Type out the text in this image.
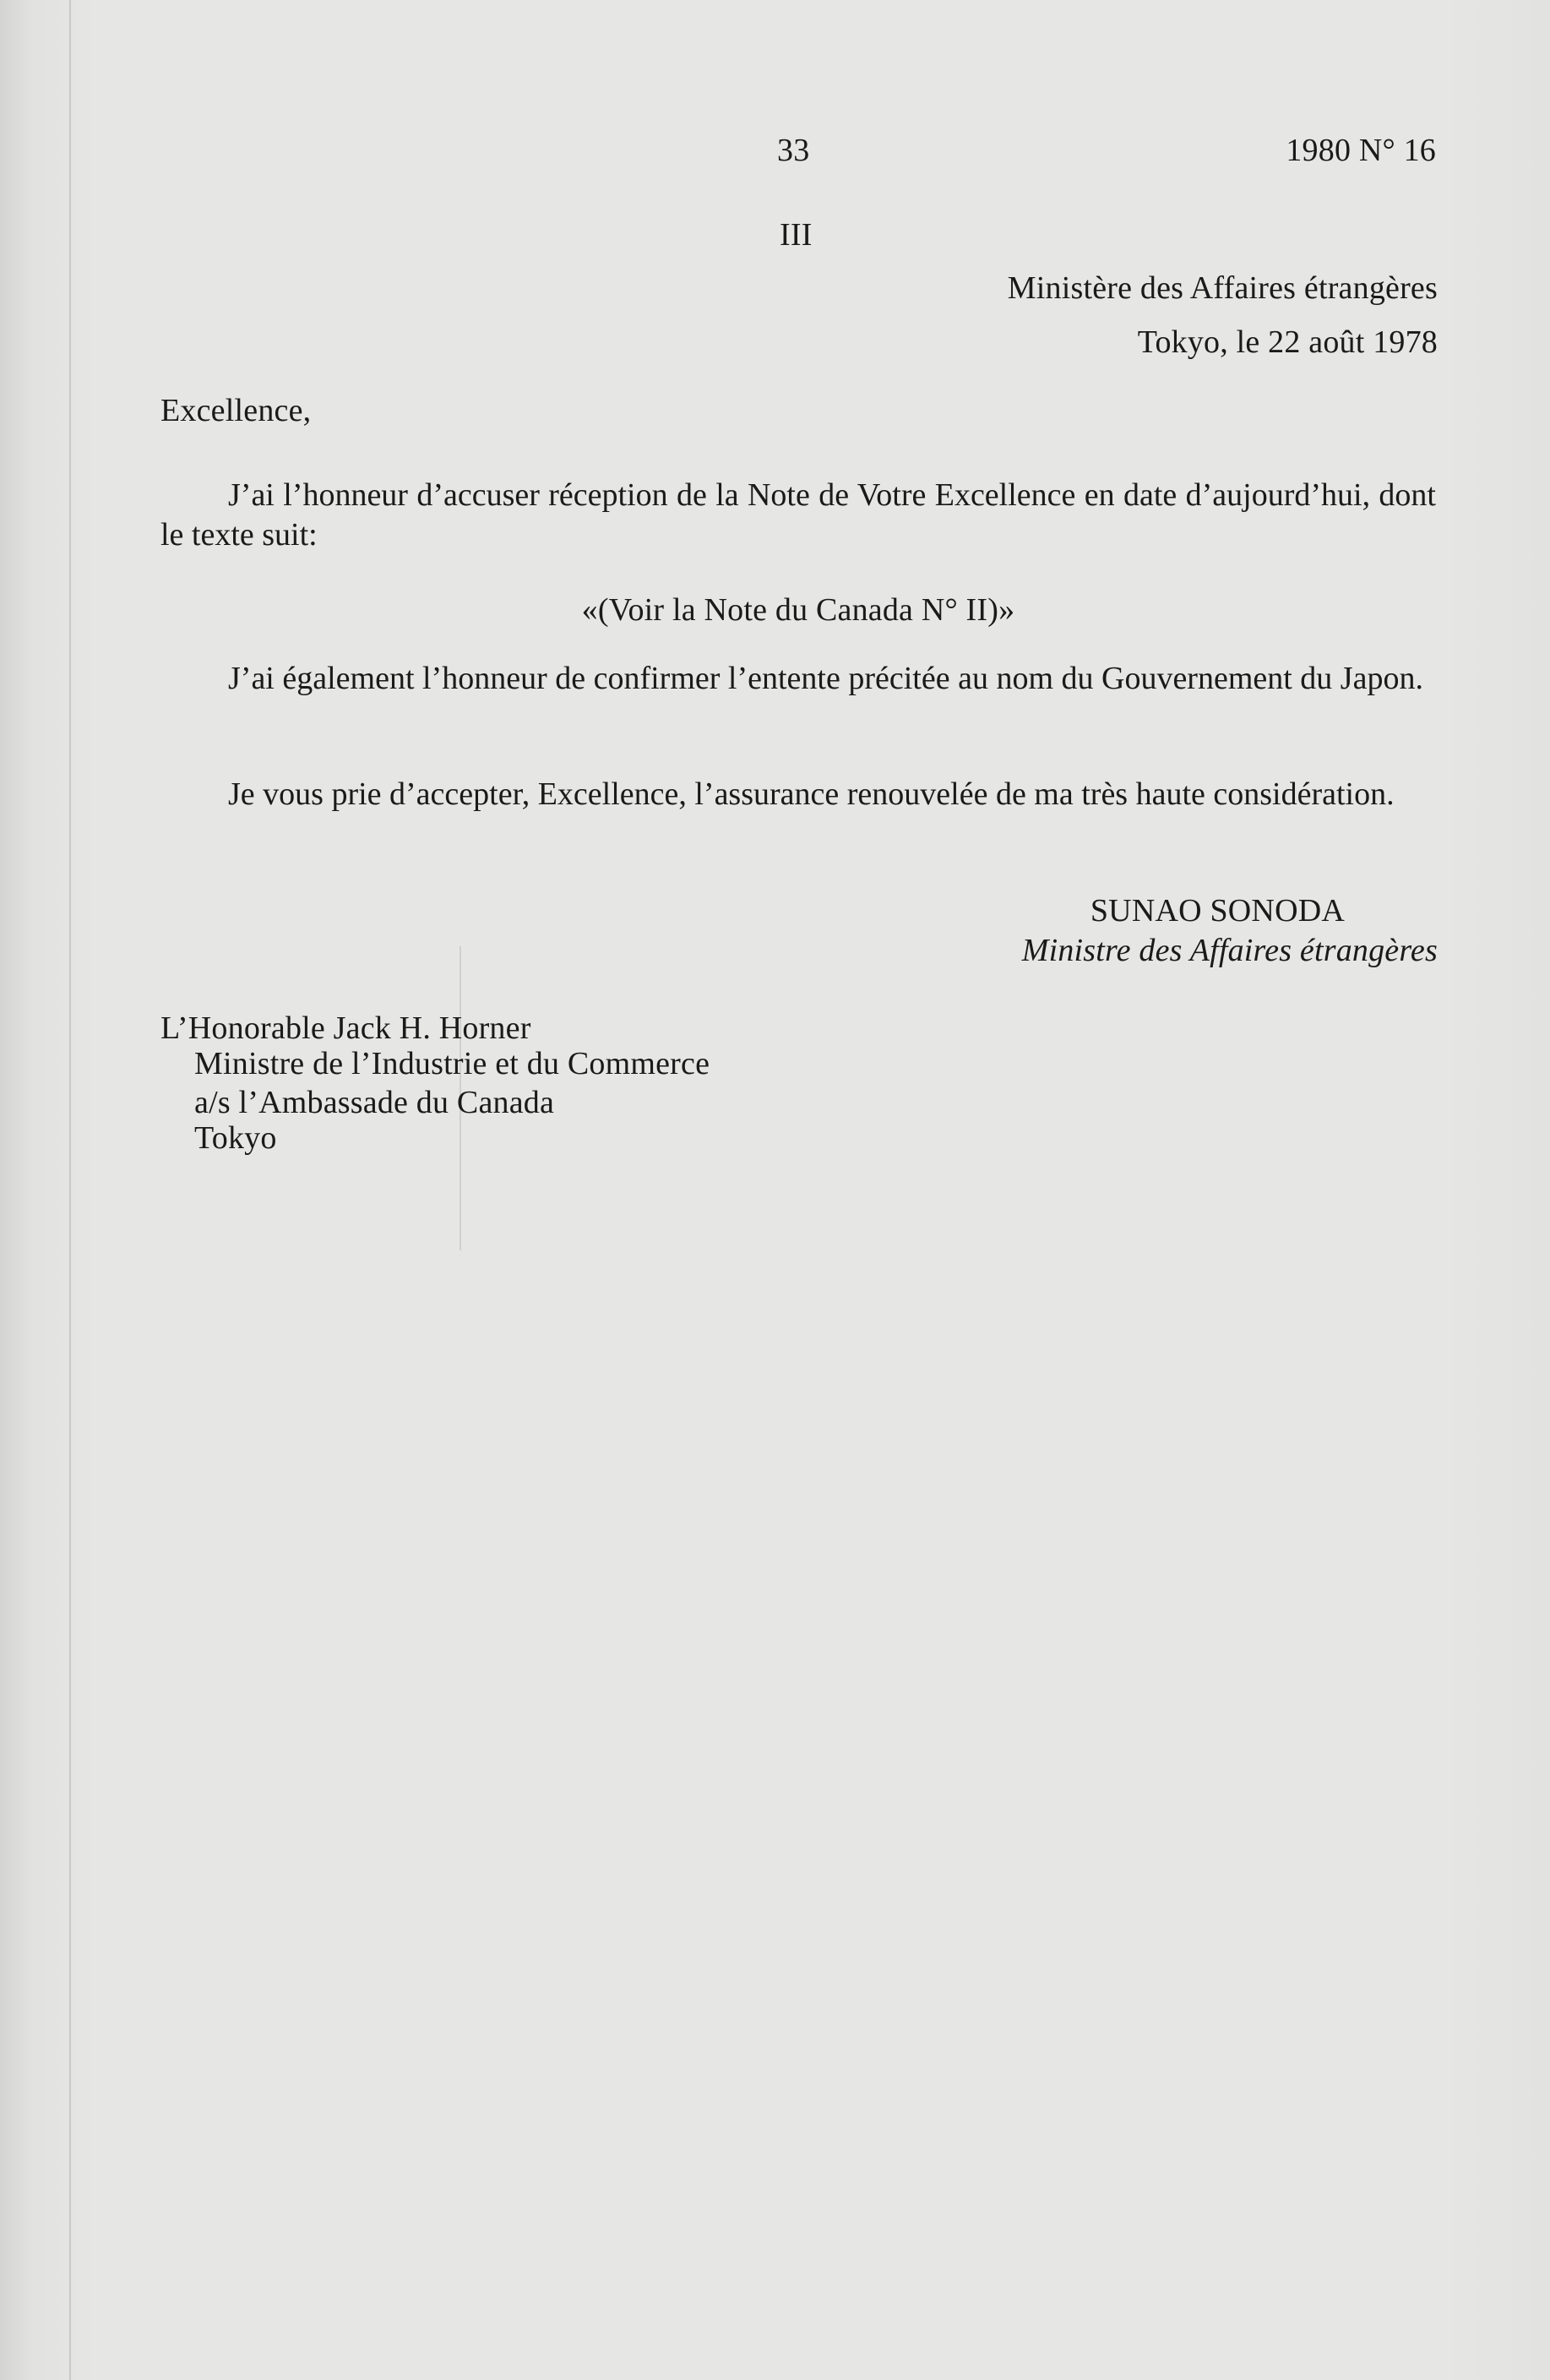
33	1980 N° 16
III
Ministère des Affaires étrangères
Tokyo, le 22 août 1978
Excellence,
J’ai l’honneur d’accuser réception de la Note de Votre Excellence en date d’aujourd’hui, dont le texte suit:
«(Voir la Note du Canada N° II)»
J’ai également l’honneur de confirmer l’entente précitée au nom du Gouvernement du Japon.
Je vous prie d’accepter, Excellence, l’assurance renouvelée de ma très haute considération.
SUNAO SONODA
Ministre des Affaires étrangères
L’Honorable Jack H. Horner
Ministre de l’Industrie et du Commerce
a/s l’Ambassade du Canada
Tokyo
